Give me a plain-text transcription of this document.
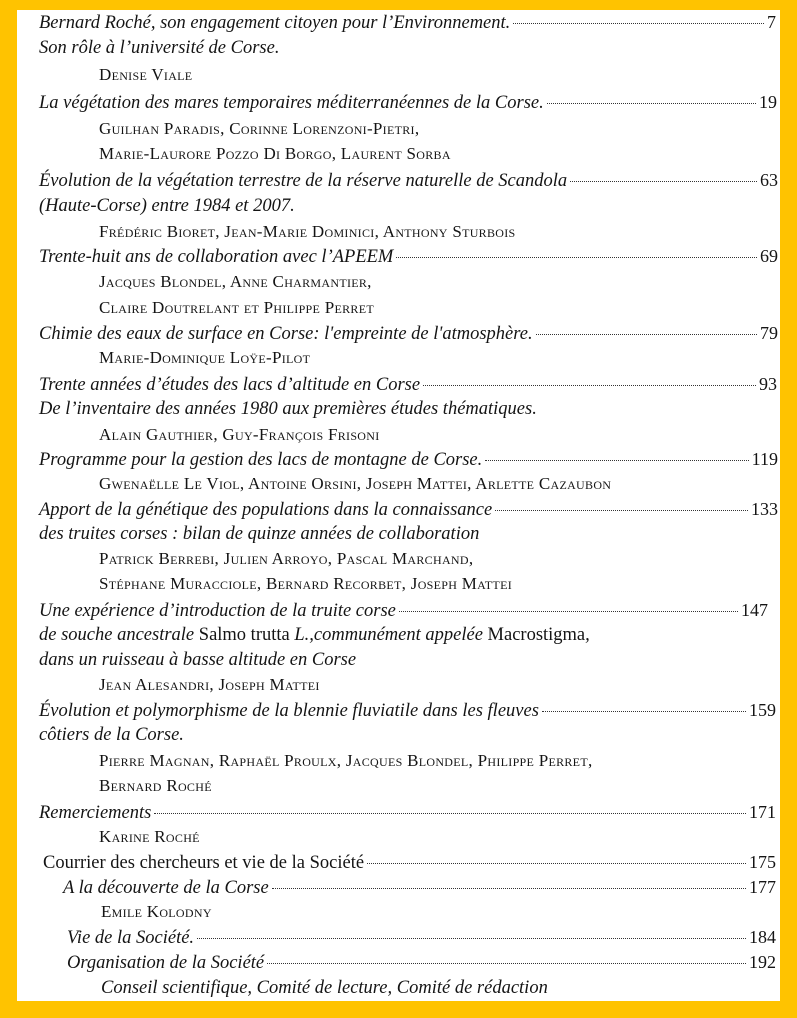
Bernard Roché, son engagement citoyen pour l’Environnement.	7
Son rôle à l’université de Corse.
Denise Viale
La végétation des mares temporaires méditerranéennes de la Corse.	19
Guilhan Paradis, Corinne Lorenzoni-Pietri,
Marie-Laurore Pozzo Di Borgo, Laurent Sorba
Évolution de la végétation terrestre de la réserve naturelle de Scandola	63
(Haute-Corse) entre 1984 et 2007.
Frédéric Bioret, Jean-Marie Dominici, Anthony Sturbois
Trente-huit ans de collaboration avec l’APEEM	69
Jacques Blondel, Anne Charmantier,
Claire Doutrelant et Philippe Perret
Chimie des eaux de surface en Corse: l'empreinte de l'atmosphère.	79
Marie-Dominique Loÿe-Pilot
Trente années d’études des lacs d’altitude en Corse	93
De l’inventaire des années 1980 aux premières études thématiques.
Alain Gauthier, Guy-François Frisoni
Programme pour la gestion des lacs de montagne de Corse.	119
Gwenaëlle Le Viol, Antoine Orsini, Joseph Mattei, Arlette Cazaubon
Apport de la génétique des populations dans la connaissance	133
des truites corses : bilan de quinze années de collaboration
Patrick Berrebi, Julien Arroyo, Pascal Marchand,
Stéphane Muracciole, Bernard Recorbet, Joseph Mattei
Une expérience d’introduction de la truite corse	147
de souche ancestrale Salmo trutta L.,communément appelée Macrostigma,
dans un ruisseau à basse altitude en Corse
Jean Alesandri, Joseph Mattei
Évolution et polymorphisme de la blennie fluviatile dans les fleuves	159
côtiers de la Corse.
Pierre Magnan, Raphaël Proulx, Jacques Blondel, Philippe Perret,
Bernard Roché
Remerciements	171
Karine Roché
Courrier des chercheurs et vie de la Société	175
A la découverte de la Corse	177
Emile Kolodny
Vie de la Société.	184
Organisation de la Société	192
Conseil scientifique, Comité de lecture, Comité de rédaction
